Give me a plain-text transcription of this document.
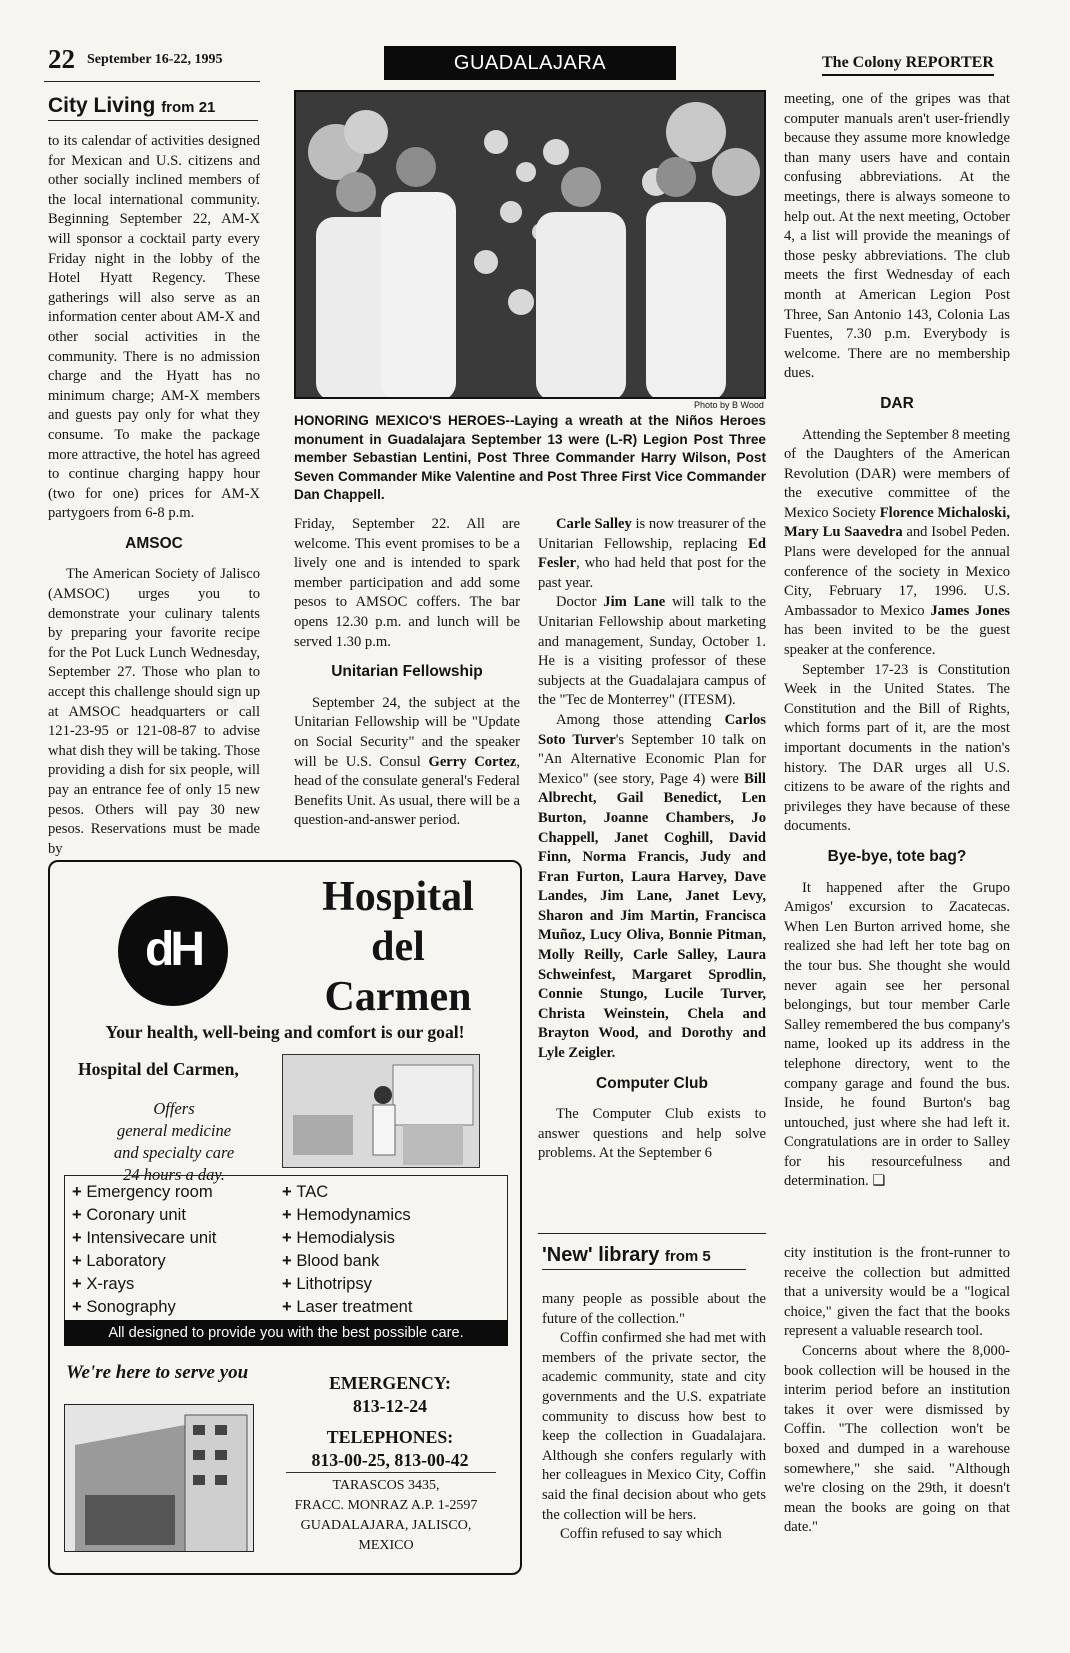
22 September 16-22, 1995	GUADALAJARA	The Colony REPORTER
City Living from 21

to its calendar of activities designed for Mexican and U.S. citizens and other socially inclined members of the local international community. Beginning September 22, AM-X will sponsor a cocktail party every Friday night in the lobby of the Hotel Hyatt Regency. These gatherings will also serve as an information center about AM-X and other social activities in the community. There is no admission charge and the Hyatt has no minimum charge; AM-X members and guests pay only for what they consume. To make the package more attractive, the hotel has agreed to continue charging happy hour (two for one) prices for AM-X partygoers from 6-8 p.m.

AMSOC

The American Society of Jalisco (AMSOC) urges you to demonstrate your culinary talents by preparing your favorite recipe for the Pot Luck Lunch Wednesday, September 27. Those who plan to accept this challenge should sign up at AMSOC headquarters or call 121-23-95 or 121-08-87 to advise what dish they will be taking. Those providing a dish for six people, will pay an entrance fee of only 15 new pesos. Others will pay 30 new pesos. Reservations must be made by

Photo by B Wood
HONORING MEXICO'S HEROES--Laying a wreath at the Niños Heroes monument in Guadalajara September 13 were (L-R) Legion Post Three member Sebastian Lentini, Post Three Commander Harry Wilson, Post Seven Commander Mike Valentine and Post Three First Vice Commander Dan Chappell.

Friday, September 22. All are welcome. This event promises to be a lively one and is intended to spark member participation and add some pesos to AMSOC coffers. The bar opens 12.30 p.m. and lunch will be served 1.30 p.m.

Unitarian Fellowship

September 24, the subject at the Unitarian Fellowship will be "Update on Social Security" and the speaker will be U.S. Consul Gerry Cortez, head of the consulate general's Federal Benefits Unit. As usual, there will be a question-and-answer period.

Carle Salley is now treasurer of the Unitarian Fellowship, replacing Ed Fesler, who had held that post for the past year.

Doctor Jim Lane will talk to the Unitarian Fellowship about marketing and management, Sunday, October 1. He is a visiting professor of these subjects at the Guadalajara campus of the "Tec de Monterrey" (ITESM).

Among those attending Carlos Soto Turver's September 10 talk on "An Alternative Economic Plan for Mexico" (see story, Page 4) were Bill Albrecht, Gail Benedict, Len Burton, Joanne Chambers, Jo Chappell, Janet Coghill, David Finn, Norma Francis, Judy and Fran Furton, Laura Harvey, Dave Landes, Jim Lane, Janet Levy, Sharon and Jim Martin, Francisca Muñoz, Lucy Oliva, Bonnie Pitman, Molly Reilly, Carle Salley, Laura Schweinfest, Margaret Sprodlin, Connie Stungo, Lucile Turver, Christa Weinstein, Chela and Brayton Wood, and Dorothy and Lyle Zeigler.

Computer Club

The Computer Club exists to answer questions and help solve problems. At the September 6

meeting, one of the gripes was that computer manuals aren't user-friendly because they assume more knowledge than many users have and contain confusing abbreviations. At the meetings, there is always someone to help out. At the next meeting, October 4, a list will provide the meanings of those pesky abbreviations. The club meets the first Wednesday of each month at American Legion Post Three, San Antonio 143, Colonia Las Fuentes, 7.30 p.m. Everybody is welcome. There are no membership dues.

DAR

Attending the September 8 meeting of the Daughters of the American Revolution (DAR) were members of the executive committee of the Mexico Society Florence Michaloski, Mary Lu Saavedra and Isobel Peden. Plans were developed for the annual conference of the society in Mexico City, February 17, 1996. U.S. Ambassador to Mexico James Jones has been invited to be the guest speaker at the conference.

September 17-23 is Constitution Week in the United States. The Constitution and the Bill of Rights, which forms part of it, are the most important documents in the nation's history. The DAR urges all U.S. citizens to be aware of the rights and privileges they have because of these documents.

Bye-bye, tote bag?

It happened after the Grupo Amigos' excursion to Zacatecas. When Len Burton arrived home, she realized she had left her tote bag on the tour bus. She thought she would never again see her personal belongings, but tour member Carle Salley remembered the bus company's name, looked up its address in the telephone directory, went to the company garage and found the bus. Inside, he found Burton's bag untouched, just where she had left it. Congratulations are in order to Salley for his resourcefulness and determination. ❑

'New' library from 5

many people as possible about the future of the collection."

Coffin confirmed she had met with members of the private sector, the academic community, state and city governments and the U.S. expatriate community to discuss how best to keep the collection in Guadalajara. Although she confers regularly with her colleagues in Mexico City, Coffin said the final decision about who gets the collection will be hers.

Coffin refused to say which

city institution is the front-runner to receive the collection but admitted that a university would be a "logical choice," given the fact that the books represent a valuable research tool.

Concerns about where the 8,000-book collection will be housed in the interim period before an institution takes it over were dismissed by Coffin. "The collection won't be boxed and dumped in a warehouse somewhere," she said. "Although we're closing on the 29th, it doesn't mean the books are going on that date."

dH
Hospital
del
Carmen
Your health, well-being and comfort is our goal!
Hospital del Carmen,
Offers
general medicine
and specialty care
24 hours a day.
+ Emergency room
+ Coronary unit
+ Intensivecare unit
+ Laboratory
+ X-rays
+ Sonography
+ TAC
+ Hemodynamics
+ Hemodialysis
+ Blood bank
+ Lithotripsy
+ Laser treatment
All designed to provide you with the best possible care.
We're here to serve you	EMERGENCY:
813-12-24
TELEPHONES:
813-00-25, 813-00-42
TARASCOS 3435,
FRACC. MONRAZ A.P. 1-2597
GUADALAJARA, JALISCO,
MEXICO
